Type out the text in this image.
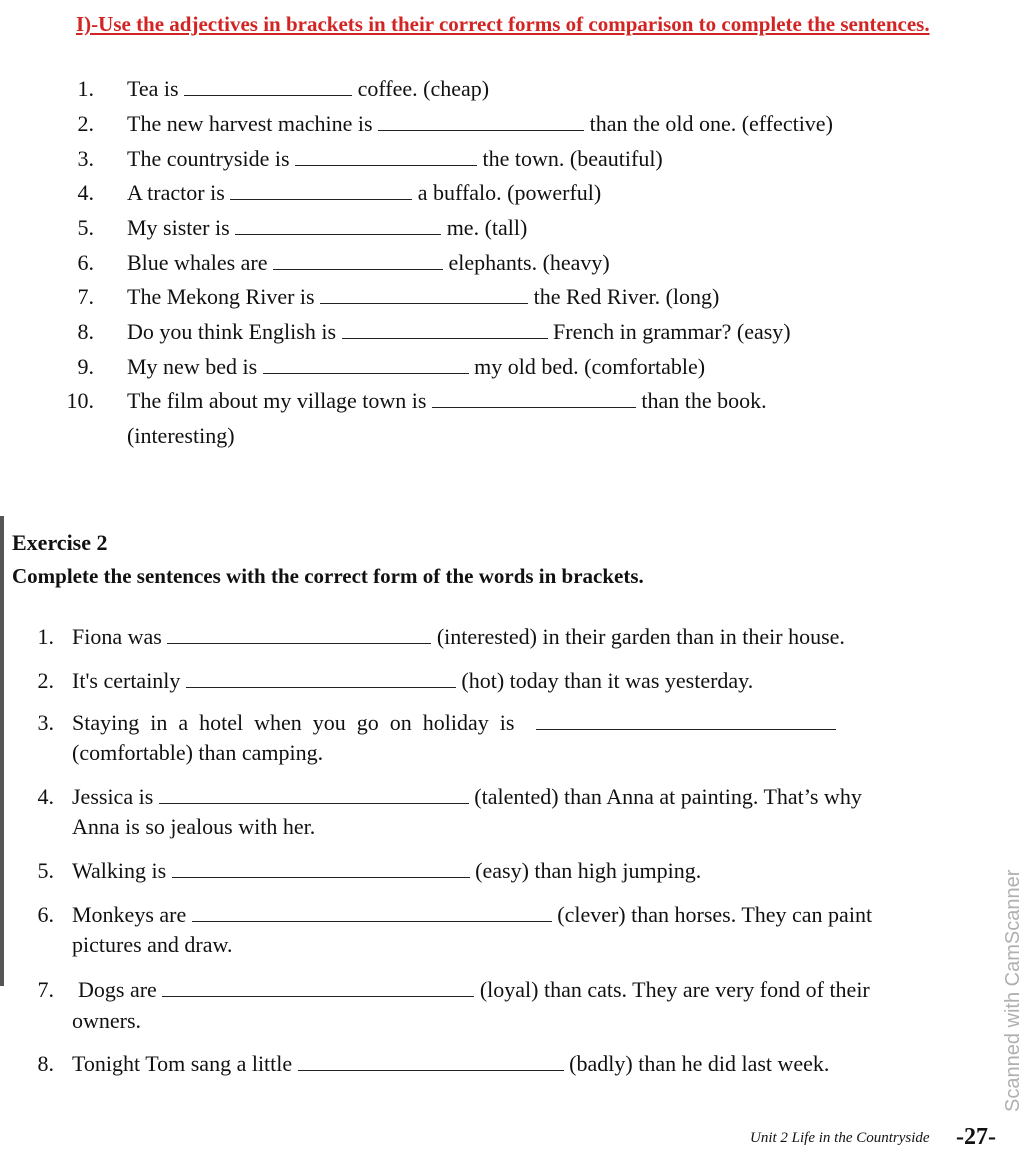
I)-Use the adjectives in brackets in their correct forms of comparison to complete the sentences.
1. Tea is	coffee. (cheap)
2. The new harvest machine is	than the old one. (effective)
3. The countryside is	the town. (beautiful)
4. A tractor is	a buffalo. (powerful)
5. My sister is	me. (tall)
6. Blue whales are	elephants. (heavy)
7. The Mekong River is	the Red River. (long)
8. Do you think English is	French in grammar? (easy)
9. My new bed is	my old bed. (comfortable)
10. The film about my village town is	than the book.
(interesting)
Exercise 2
Complete the sentences with the correct form of the words in brackets.
1. Fiona was	(interested) in their garden than in their house.
2. It's certainly	(hot) today than it was yesterday.
3. Staying  in  a  hotel  when  you  go  on  holiday  is
(comfortable) than camping.
4. Jessica is	(talented) than Anna at painting. That’s why
Anna is so jealous with her.
5. Walking is	(easy) than high jumping.
6. Monkeys are	(clever) than horses. They can paint
pictures and draw.
7. Dogs are	(loyal) than cats. They are very fond of their
owners.
8. Tonight Tom sang a little	(badly) than he did last week.	Scanned with CamScanner
Unit 2 Life in the Countryside -27-
